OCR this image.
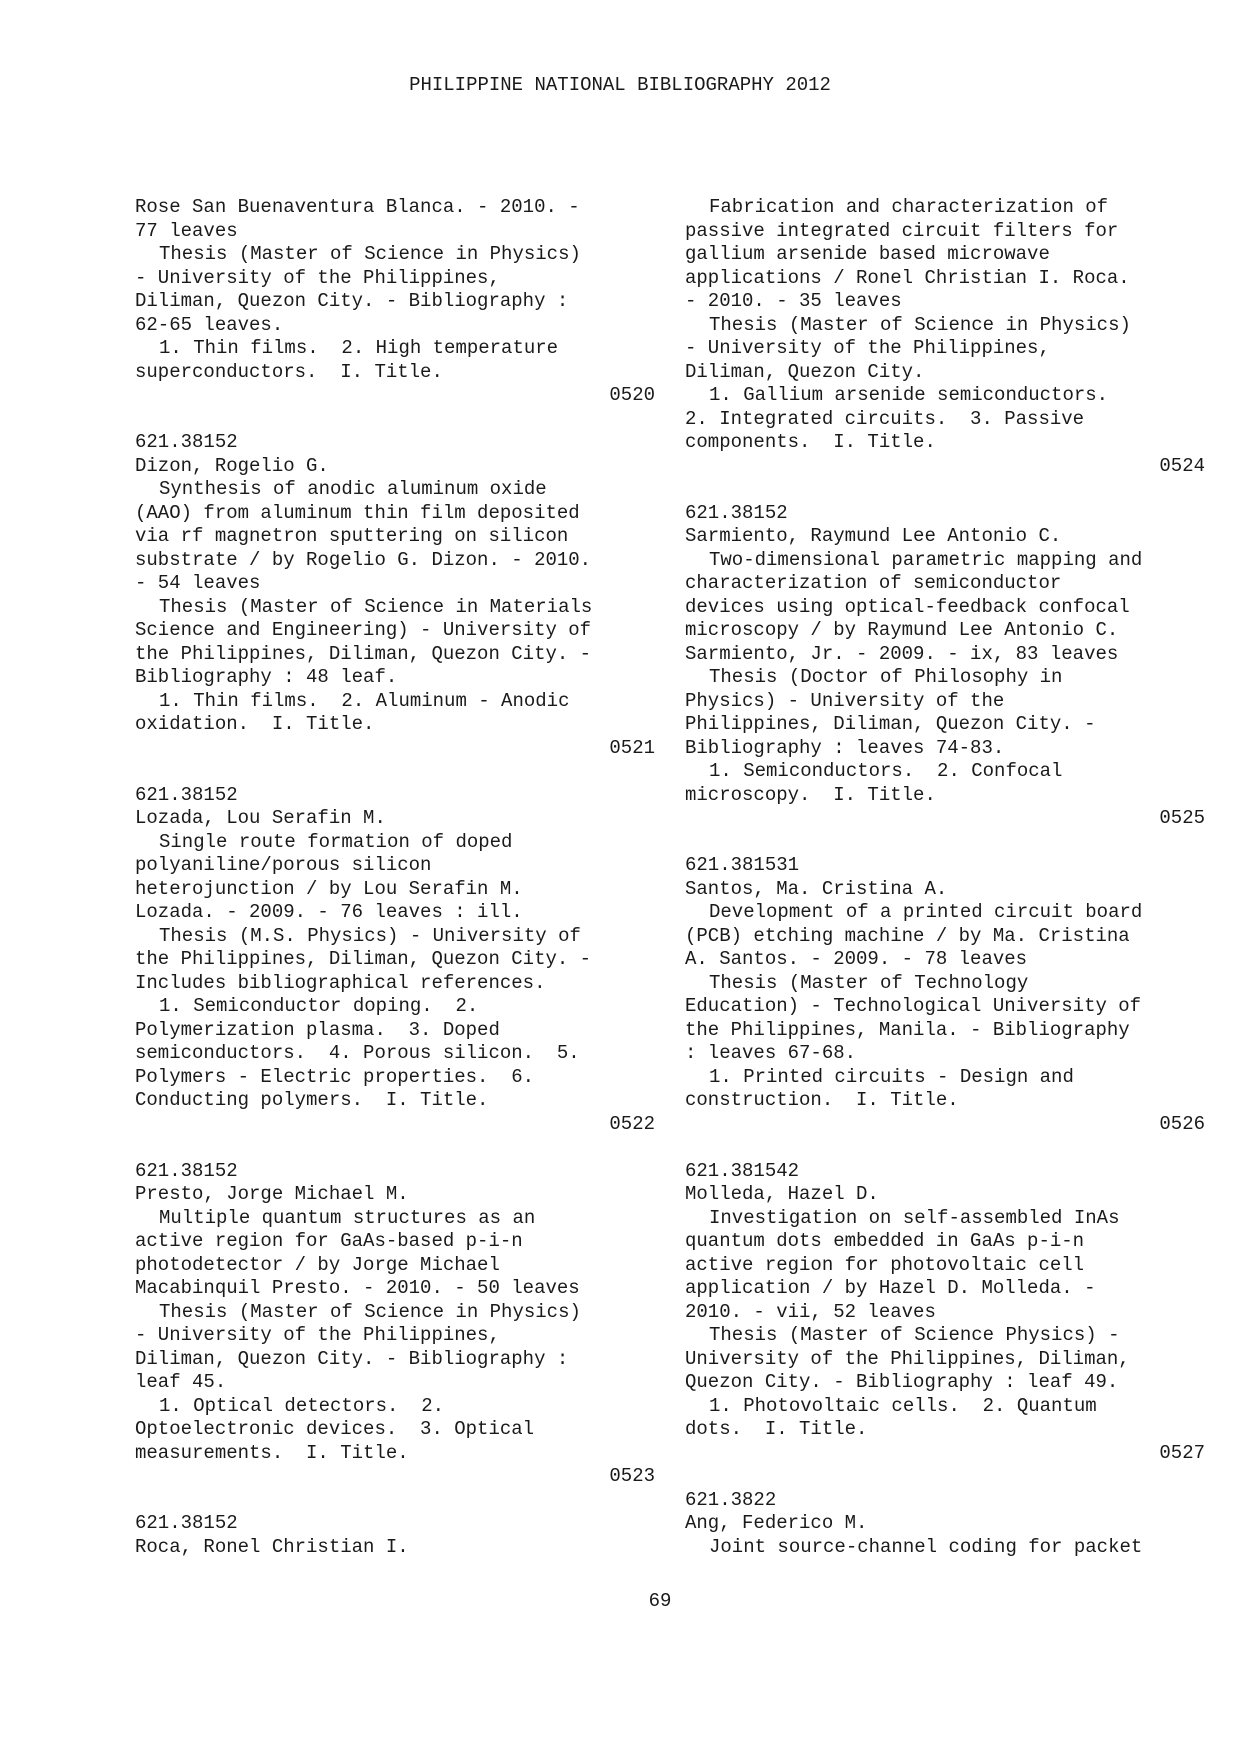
PHILIPPINE NATIONAL BIBLIOGRAPHY 2012
Rose San Buenaventura Blanca. - 2010. -
77 leaves
Thesis (Master of Science in Physics)
- University of the Philippines,
Diliman, Quezon City. - Bibliography :
62-65 leaves.
1. Thin films.  2. High temperature
superconductors.  I. Title.
0520
621.38152
Dizon, Rogelio G.
Synthesis of anodic aluminum oxide
(AAO) from aluminum thin film deposited
via rf magnetron sputtering on silicon
substrate / by Rogelio G. Dizon. - 2010.
- 54 leaves
Thesis (Master of Science in Materials
Science and Engineering) - University of
the Philippines, Diliman, Quezon City. -
Bibliography : 48 leaf.
1. Thin films.  2. Aluminum - Anodic
oxidation.  I. Title.
0521
621.38152
Lozada, Lou Serafin M.
Single route formation of doped
polyaniline/porous silicon
heterojunction / by Lou Serafin M.
Lozada. - 2009. - 76 leaves : ill.
Thesis (M.S. Physics) - University of
the Philippines, Diliman, Quezon City. -
Includes bibliographical references.
1. Semiconductor doping.  2.
Polymerization plasma.  3. Doped
semiconductors.  4. Porous silicon.  5.
Polymers - Electric properties.  6.
Conducting polymers.  I. Title.
0522
621.38152
Presto, Jorge Michael M.
Multiple quantum structures as an
active region for GaAs-based p-i-n
photodetector / by Jorge Michael
Macabinquil Presto. - 2010. - 50 leaves
Thesis (Master of Science in Physics)
- University of the Philippines,
Diliman, Quezon City. - Bibliography :
leaf 45.
1. Optical detectors.  2.
Optoelectronic devices.  3. Optical
measurements.  I. Title.
0523
621.38152
Roca, Ronel Christian I.
Fabrication and characterization of
passive integrated circuit filters for
gallium arsenide based microwave
applications / Ronel Christian I. Roca.
- 2010. - 35 leaves
Thesis (Master of Science in Physics)
- University of the Philippines,
Diliman, Quezon City.
1. Gallium arsenide semiconductors.
2. Integrated circuits.  3. Passive
components.  I. Title.
0524
621.38152
Sarmiento, Raymund Lee Antonio C.
Two-dimensional parametric mapping and
characterization of semiconductor
devices using optical-feedback confocal
microscopy / by Raymund Lee Antonio C.
Sarmiento, Jr. - 2009. - ix, 83 leaves
Thesis (Doctor of Philosophy in
Physics) - University of the
Philippines, Diliman, Quezon City. -
Bibliography : leaves 74-83.
1. Semiconductors.  2. Confocal
microscopy.  I. Title.
0525
621.381531
Santos, Ma. Cristina A.
Development of a printed circuit board
(PCB) etching machine / by Ma. Cristina
A. Santos. - 2009. - 78 leaves
Thesis (Master of Technology
Education) - Technological University of
the Philippines, Manila. - Bibliography
: leaves 67-68.
1. Printed circuits - Design and
construction.  I. Title.
0526
621.381542
Molleda, Hazel D.
Investigation on self-assembled InAs
quantum dots embedded in GaAs p-i-n
active region for photovoltaic cell
application / by Hazel D. Molleda. -
2010. - vii, 52 leaves
Thesis (Master of Science Physics) -
University of the Philippines, Diliman,
Quezon City. - Bibliography : leaf 49.
1. Photovoltaic cells.  2. Quantum
dots.  I. Title.
0527
621.3822
Ang, Federico M.
Joint source-channel coding for packet
69
